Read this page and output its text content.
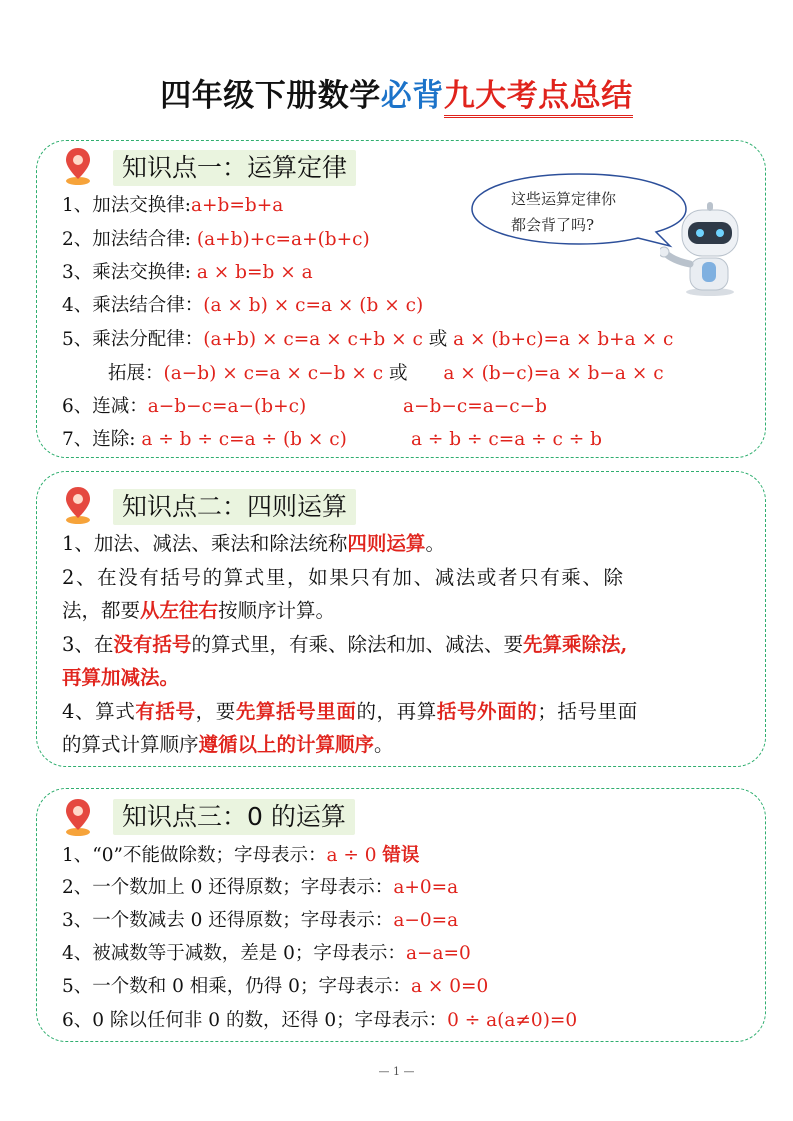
四年级下册数学必背九大考点总结
知识点一：运算定律
这些运算定律你
都会背了吗?
1、加法交换律:a+b=b+a
2、加法结合律: (a+b)+c=a+(b+c)
3、乘法交换律: a × b=b × a
4、乘法结合律：(a × b) × c=a × (b × c)
5、乘法分配律：(a+b) × c=a × c+b × c 或 a × (b+c)=a × b+a × c
拓展：(a−b) × c=a × c−b × c 或 a × (b−c)=a × b−a × c
6、连减：a−b−c=a−(b+c)	a−b−c=a−c−b
7、连除: a ÷ b ÷ c=a ÷ (b × c)	a ÷ b ÷ c=a ÷ c ÷ b
知识点二：四则运算
1、加法、减法、乘法和除法统称四则运算。
2、在没有括号的算式里，如果只有加、减法或者只有乘、除
法，都要从左往右按顺序计算。
3、在没有括号的算式里，有乘、除法和加、减法、要先算乘除法,
再算加减法。
4、算式有括号，要先算括号里面的，再算括号外面的；括号里面
的算式计算顺序遵循以上的计算顺序。
知识点三：0 的运算
1、“0”不能做除数；字母表示：a ÷ 0 错误
2、一个数加上 0 还得原数；字母表示：a+0=a
3、一个数减去 0 还得原数；字母表示：a−0=a
4、被减数等于减数，差是 0；字母表示：a−a=0
5、一个数和 0 相乘，仍得 0；字母表示：a × 0=0
6、0 除以任何非 0 的数，还得 0；字母表示：0 ÷ a(a≠0)=0
— 1 —
